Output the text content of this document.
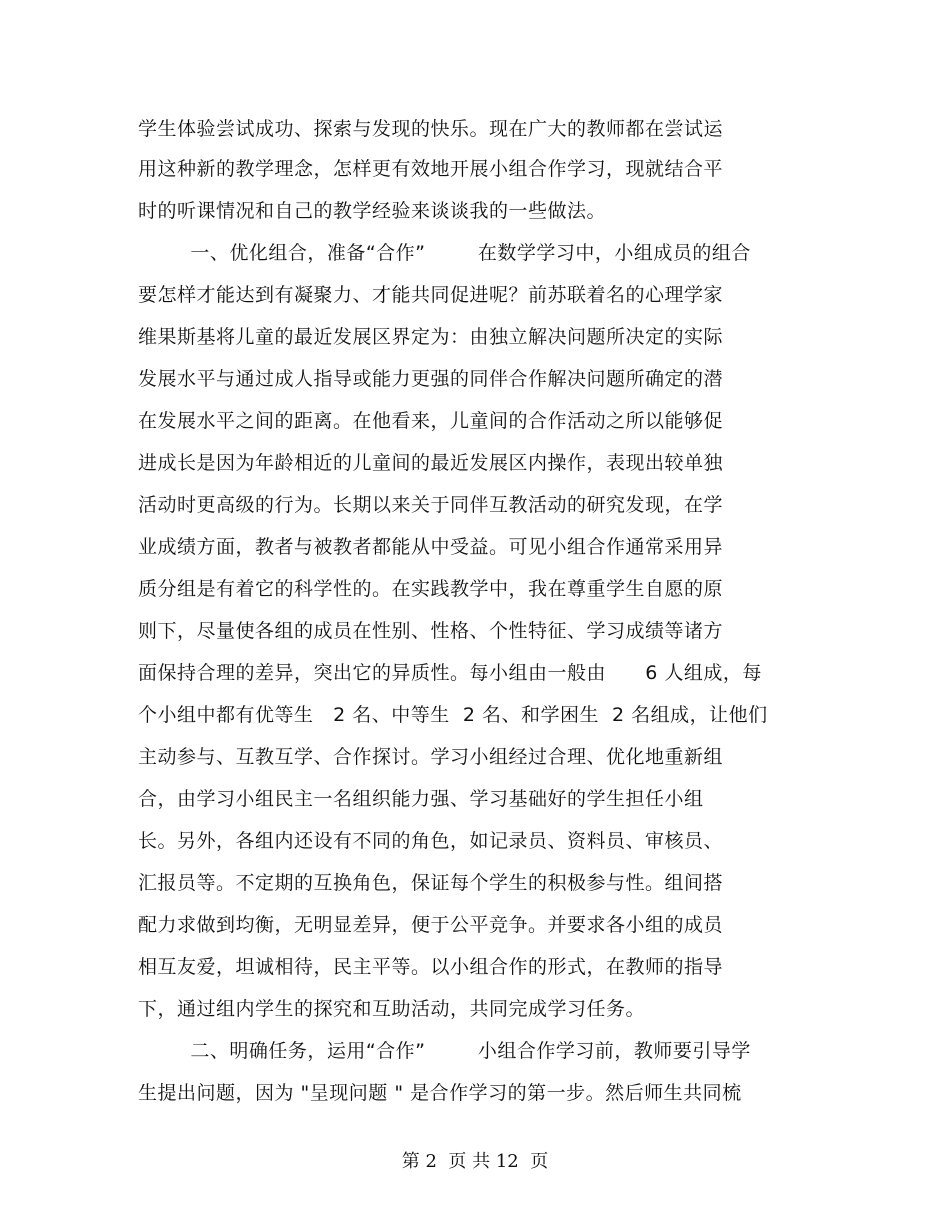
学生体验尝试成功、探索与发现的快乐。现在广大的教师都在尝试运
用这种新的教学理念，怎样更有效地开展小组合作学习，现就结合平
时的听课情况和自己的教学经验来谈谈我的一些做法。
一、优化组合，准备“合作”        在数学学习中，小组成员的组合
要怎样才能达到有凝聚力、才能共同促进呢？前苏联着名的心理学家
维果斯基将儿童的最近发展区界定为：由独立解决问题所决定的实际
发展水平与通过成人指导或能力更强的同伴合作解决问题所确定的潜
在发展水平之间的距离。在他看来，儿童间的合作活动之所以能够促
进成长是因为年龄相近的儿童间的最近发展区内操作，表现出较单独
活动时更高级的行为。长期以来关于同伴互教活动的研究发现，在学
业成绩方面，教者与被教者都能从中受益。可见小组合作通常采用异
质分组是有着它的科学性的。在实践教学中，我在尊重学生自愿的原
则下，尽量使各组的成员在性别、性格、个性特征、学习成绩等诸方
面保持合理的差异，突出它的异质性。每小组由一般由      6 人组成，每
个小组中都有优等生   2 名、中等生  2 名、和学困生  2 名组成，让他们
主动参与、互教互学、合作探讨。学习小组经过合理、优化地重新组
合，由学习小组民主一名组织能力强、学习基础好的学生担任小组
长。另外，各组内还设有不同的角色，如记录员、资料员、审核员、
汇报员等。不定期的互换角色，保证每个学生的积极参与性。组间搭
配力求做到均衡，无明显差异，便于公平竞争。并要求各小组的成员
相互友爱，坦诚相待，民主平等。以小组合作的形式，在教师的指导
下，通过组内学生的探究和互助活动，共同完成学习任务。
二、明确任务，运用“合作”        小组合作学习前，教师要引导学
生提出问题，因为 "呈现问题 " 是合作学习的第一步。然后师生共同梳
第 2  页 共 12  页
